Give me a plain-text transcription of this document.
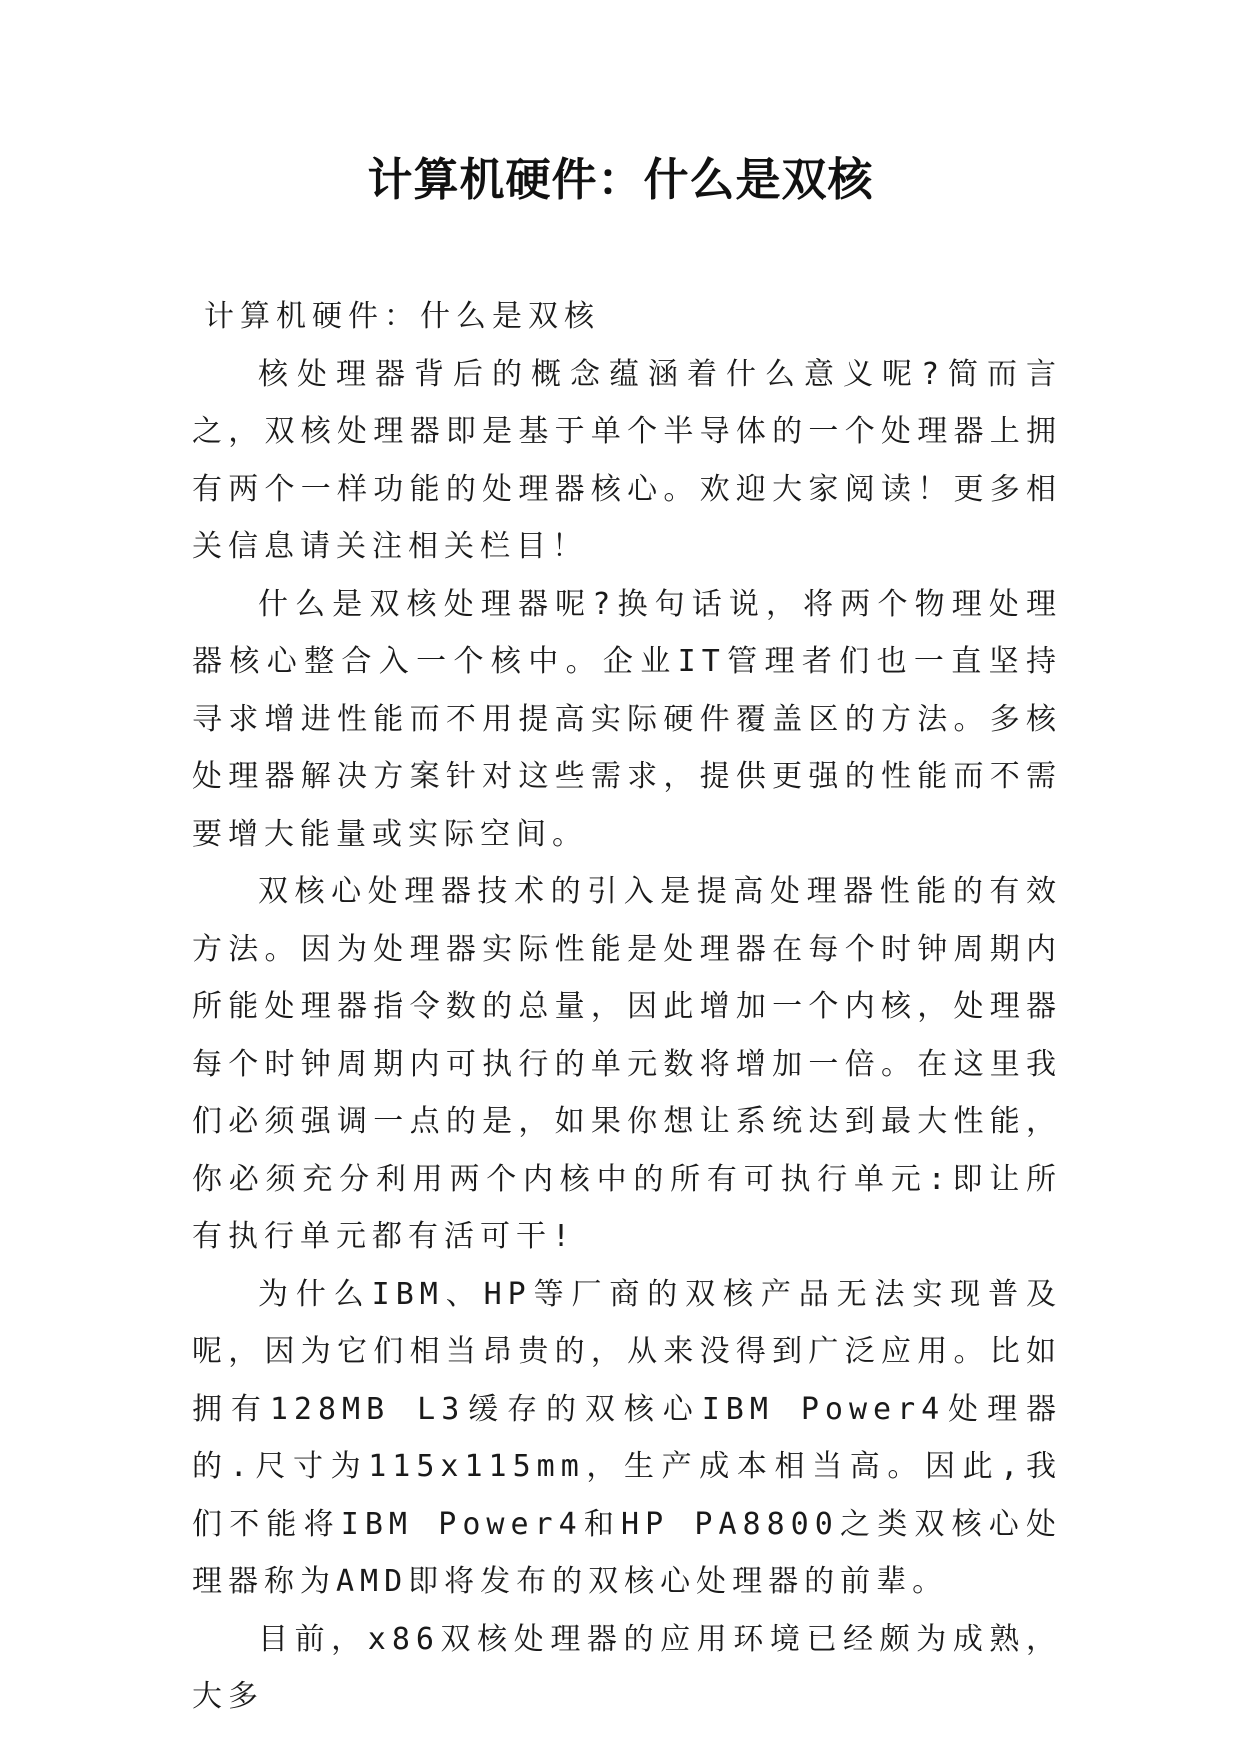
计算机硬件：什么是双核

计算机硬件：什么是双核

核处理器背后的概念蕴涵着什么意义呢?简而言之，双核处理器即是基于单个半导体的一个处理器上拥有两个一样功能的处理器核心。欢迎大家阅读！更多相关信息请关注相关栏目！

什么是双核处理器呢?换句话说，将两个物理处理器核心整合入一个核中。企业IT管理者们也一直坚持寻求增进性能而不用提高实际硬件覆盖区的方法。多核处理器解决方案针对这些需求，提供更强的性能而不需要增大能量或实际空间。

双核心处理器技术的引入是提高处理器性能的有效方法。因为处理器实际性能是处理器在每个时钟周期内所能处理器指令数的总量，因此增加一个内核，处理器每个时钟周期内可执行的单元数将增加一倍。在这里我们必须强调一点的是，如果你想让系统达到最大性能，你必须充分利用两个内核中的所有可执行单元:即让所有执行单元都有活可干!

为什么IBM、HP等厂商的双核产品无法实现普及呢，因为它们相当昂贵的，从来没得到广泛应用。比如拥有128MB L3缓存的双核心IBM Power4处理器的.尺寸为115x115mm，生产成本相当高。因此,我们不能将IBM Power4和HP PA8800之类双核心处理器称为AMD即将发布的双核心处理器的前辈。

目前，x86双核处理器的应用环境已经颇为成熟，大多
